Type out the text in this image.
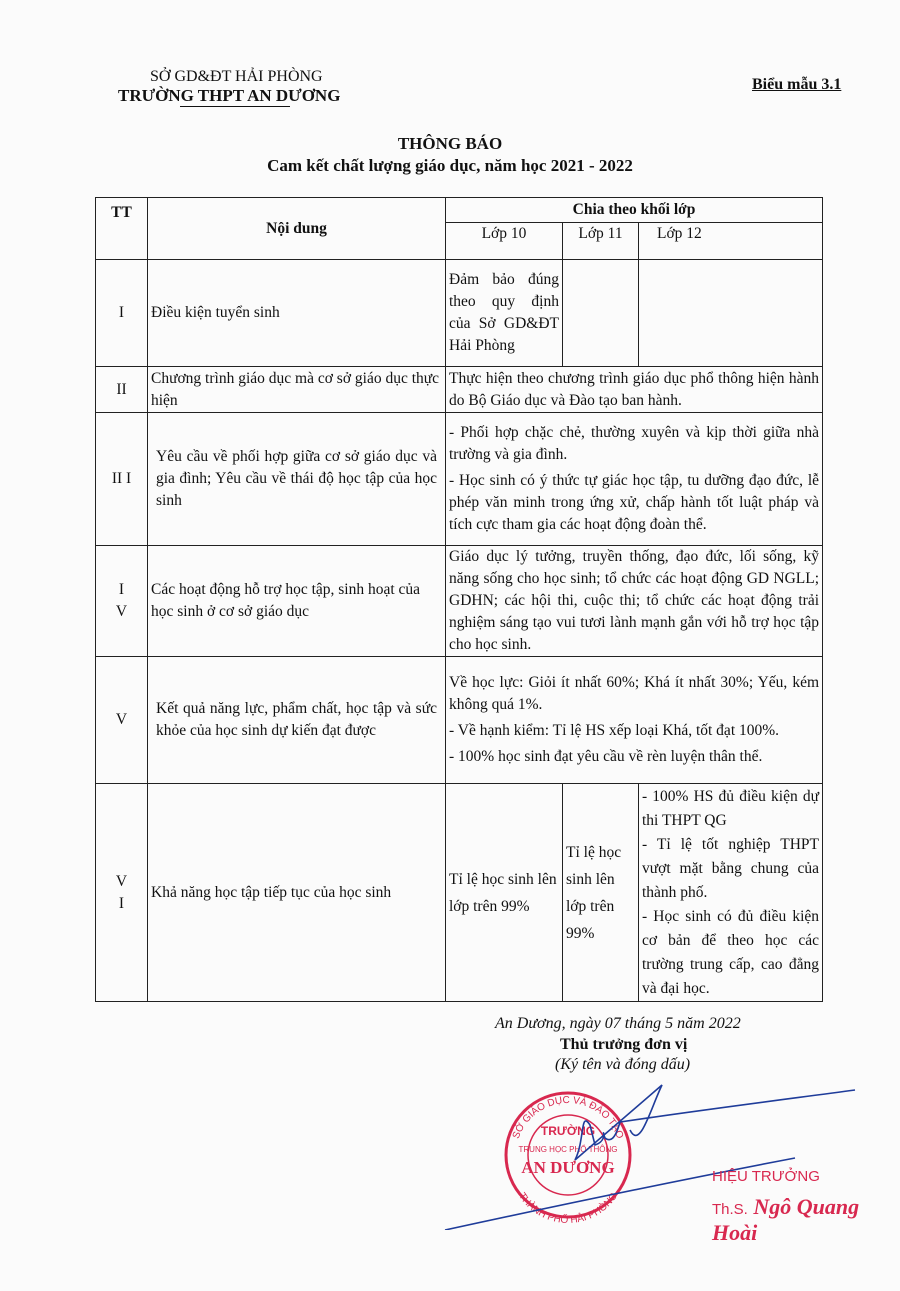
SỞ GD&ĐT HẢI PHÒNG
TRƯỜNG THPT AN DƯƠNG
Biểu mẫu 3.1
THÔNG BÁO
Cam kết chất lượng giáo dục, năm học 2021 - 2022
TT	Nội dung	Chia theo khối lớp		
		Lớp 10	Lớp 11	Lớp 12
I	Điều kiện tuyển sinh	Đảm bảo đúng theo quy định của Sở GD&ĐT Hải Phòng		
II	Chương trình giáo dục mà cơ sở giáo dục thực hiện	Thực hiện theo chương trình giáo dục phổ thông hiện hành do Bộ Giáo dục và Đào tạo ban hành.		
II I	Yêu cầu về phối hợp giữa cơ sở giáo dục và gia đình; Yêu cầu về thái độ học tập của học sinh	- Phối hợp chặc chẻ, thường xuyên và kịp thời giữa nhà trường và gia đình.
- Học sinh có ý thức tự giác học tập, tu dưỡng đạo đức, lễ phép văn minh trong ứng xử, chấp hành tốt luật pháp và tích cực tham gia các hoạt động đoàn thể.		

I V	Các hoạt động hỗ trợ học tập, sinh hoạt của học sinh ở cơ sở giáo dục	Giáo dục lý tưởng, truyền thống, đạo đức, lối sống, kỹ năng sống cho học sinh; tổ chức các hoạt động GD NGLL; GDHN; các hội thi, cuộc thi; tổ chức các hoạt động trải nghiệm sáng tạo vui tươi lành mạnh gắn với hỗ trợ học tập cho học sinh.		
V	Kết quả năng lực, phẩm chất, học tập và sức khỏe của học sinh dự kiến đạt được	Về học lực: Giỏi ít nhất 60%; Khá ít nhất 30%; Yếu, kém không quá 1%.
- Về hạnh kiểm: Tỉ lệ HS xếp loại Khá, tốt đạt 100%.
- 100% học sinh đạt yêu cầu về rèn luyện thân thể.		

V I	Khả năng học tập tiếp tục của học sinh	Tỉ lệ học sinh lên lớp trên 99%	Tỉ lệ học sinh lên lớp trên 99%	- 100% HS đủ điều kiện dự thi THPT QG
- Tỉ lệ tốt nghiệp THPT vượt mặt bằng chung của thành phố.
- Học sinh có đủ điều kiện cơ bản để theo học các trường trung cấp, cao đẳng và đại học.
An Dương, ngày 07 tháng 5 năm 2022
Thủ trưởng đơn vị
(Ký tên và đóng dấu)
TRƯỜNG
TRUNG HỌC PHỔ THÔNG
AN DƯƠNG
SỞ GIÁO DỤC VÀ ĐÀO TẠO
THÀNH PHỐ HẢI PHÒNG
HIỆU TRƯỞNG
Th.S. Ngô Quang Hoài
